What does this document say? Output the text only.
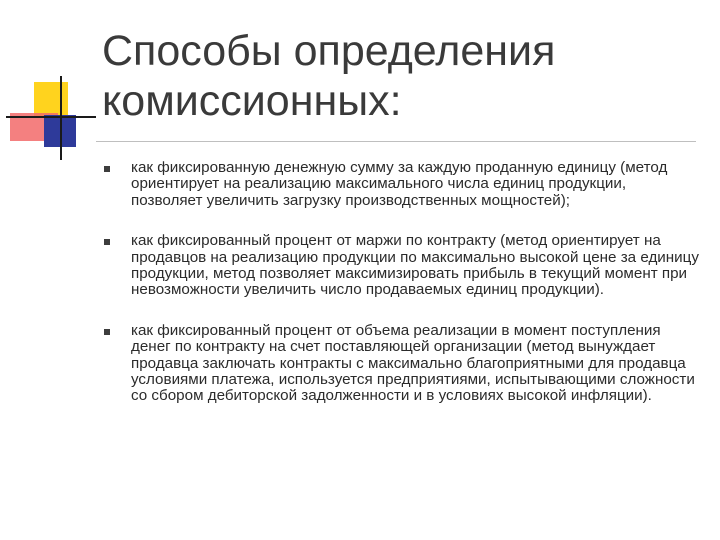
Способы определения комиссионных:
как фиксированную денежную сумму за каждую проданную единицу (метод ориентирует на реализацию максимального числа единиц продукции, позволяет увеличить загрузку производственных мощностей);
как фиксированный процент от маржи по контракту (метод ориентирует на продавцов на реализацию продукции по максимально высокой цене за единицу продукции, метод позволяет максимизировать прибыль в текущий момент при невозможности увеличить число продаваемых единиц продукции).
как фиксированный процент от объема реализации в момент поступления денег по контракту на счет поставляющей организации (метод вынуждает продавца заключать контракты с максимально благоприятными для продавца условиями платежа, используется предприятиями, испытывающими сложности со сбором дебиторской задолженности и в условиях высокой инфляции).
